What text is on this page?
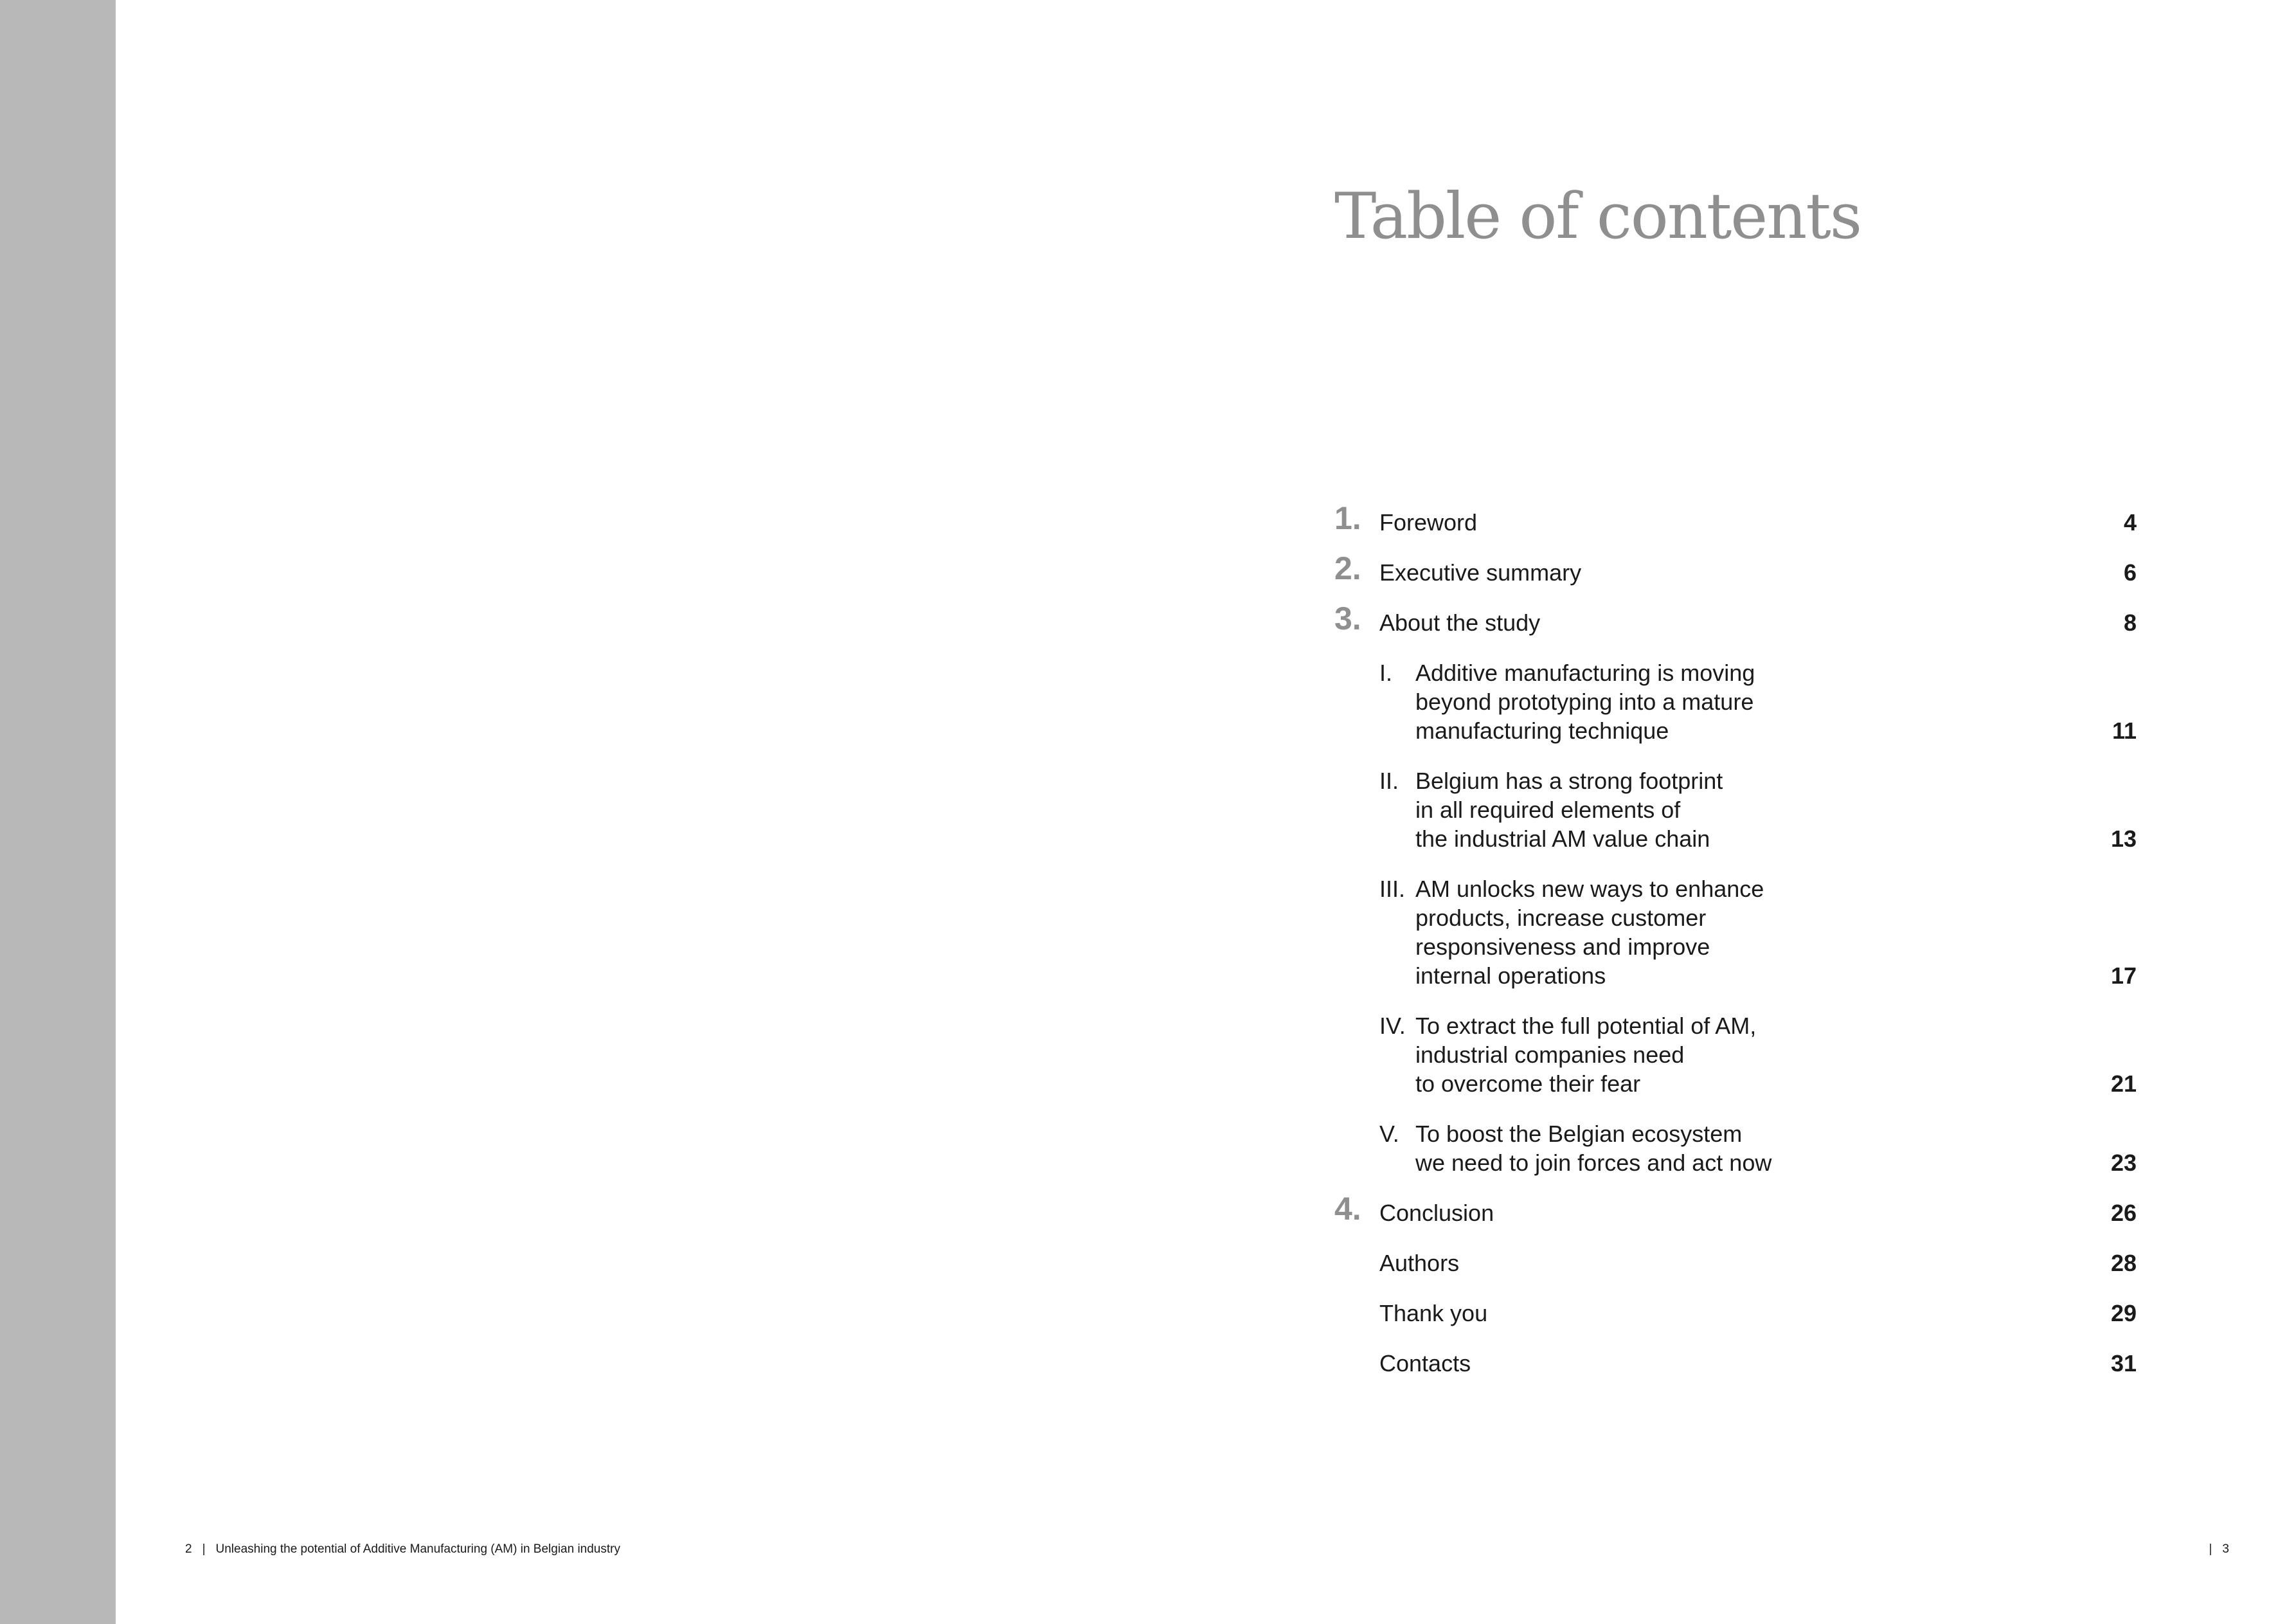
Table of contents
1. Foreword	4
2. Executive summary	6
3. About the study	8
I. Additive manufacturing is moving
beyond prototyping into a mature
manufacturing technique	11
II. Belgium has a strong footprint
in all required elements of
the industrial AM value chain	13
III. AM unlocks new ways to enhance
products, increase customer
responsiveness and improve
internal operations	17
IV. To extract the full potential of AM,
industrial companies need
to overcome their fear	21
V. To boost the Belgian ecosystem
we need to join forces and act now	23
4. Conclusion	26
Authors	28
Thank you	29
Contacts	31
2 | Unleashing the potential of Additive Manufacturing (AM) in Belgian industry	| 3
